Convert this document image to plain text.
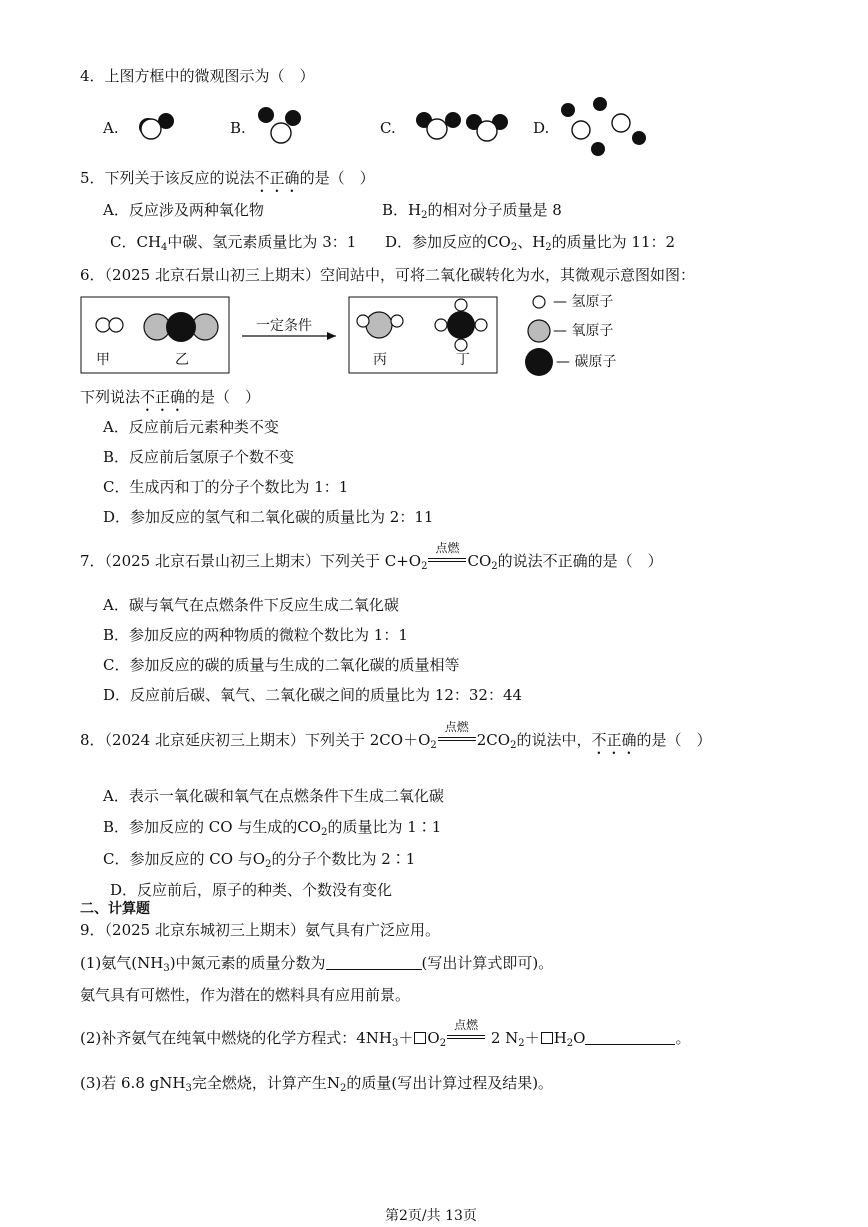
4．上图方框中的微观图示为（　）
A.	B.	C.	D.
5．下列关于该反应的说法不正确的是（　）
A．反应涉及两种氧化物	B．$H_2$的相对分子质量是 8
C．$CH_4$中碳、氢元素质量比为 3：1 D．参加反应的$CO_2$、$H_2$的质量比为 11：2
6．（2025 北京石景山初三上期末）空间站中，可将二氧化碳转化为水，其微观示意图如图：
甲	乙
一定条件
丙	丁
— 氢原子
— 氧原子
— 碳原子
下列说法不正确的是（　）
A．反应前后元素种类不变
B．反应前后氢原子个数不变
C．生成丙和丁的分子个数比为 1：1
D．参加反应的氢气和二氧化碳的质量比为 2：11
7．（2025 北京石景山初三上期末）下列关于 $C+O_2$
点燃
$CO_2$的说法不正确的是（　）
A．碳与氧气在点燃条件下反应生成二氧化碳
B．参加反应的两种物质的微粒个数比为 1：1
C．参加反应的碳的质量与生成的二氧化碳的质量相等
D．反应前后碳、氧气、二氧化碳之间的质量比为 12：32：44
8．（2024 北京延庆初三上期末）下列关于 $2CO+O_2$
点燃
$2CO_2$的说法中，不正确的是（　）
A．表示一氧化碳和氧气在点燃条件下生成二氧化碳
B．参加反应的 CO 与生成的$CO_2$的质量比为 1∶1
C．参加反应的 CO 与$O_2$的分子个数比为 2∶1
D．反应前后，原子的种类、个数没有变化
二、计算题
9．（2025 北京东城初三上期末）氨气具有广泛应用。
(1)氨气$(NH_3)$中氮元素的质量分数为	(写出计算式即可)。
氨气具有可燃性，作为潜在的燃料具有应用前景。
(2)补齐氨气在纯氧中燃烧的化学方程式：$4NH_3+ O_2$
点燃
2 $N_2+ H_2O$	。
(3)若 6.8 gNH$_3$完全燃烧，计算产生$N_2$的质量(写出计算过程及结果)。
第2页/共 13页
